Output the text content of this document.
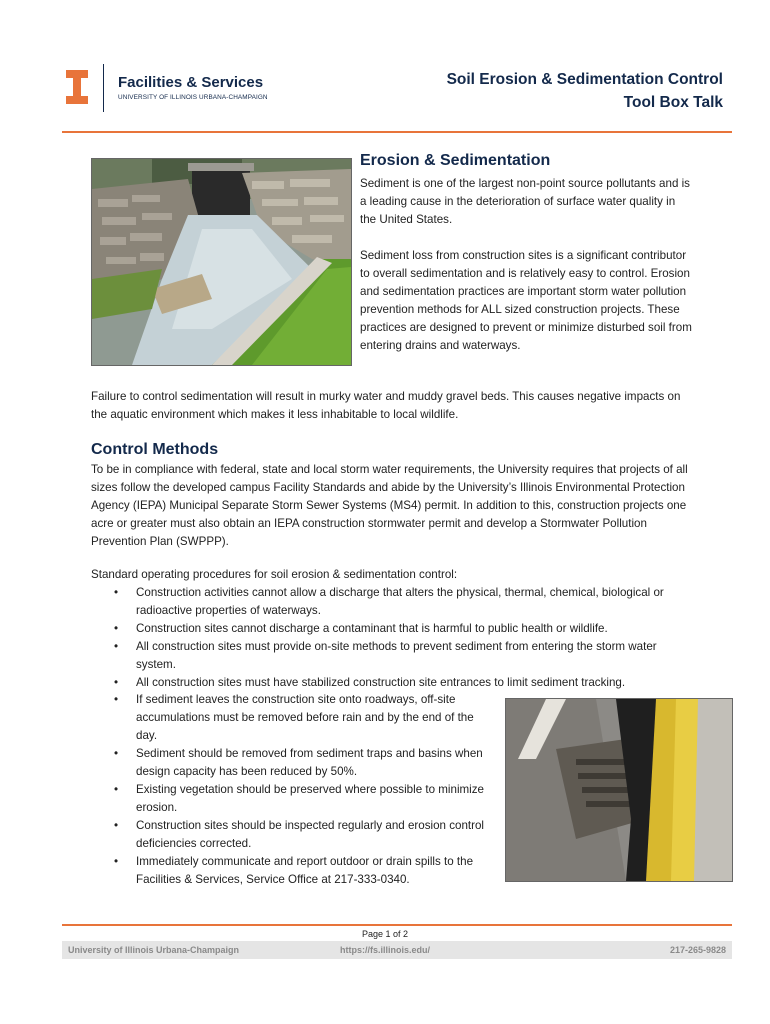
Facilities & Services
UNIVERSITY OF ILLINOIS URBANA-CHAMPAIGN
Soil Erosion & Sedimentation Control
Tool Box Talk
Erosion & Sedimentation
Sediment is one of the largest non-point source pollutants and is a leading cause in the deterioration of surface water quality in the United States.
Sediment loss from construction sites is a significant contributor to overall sedimentation and is relatively easy to control. Erosion and sedimentation practices are important storm water pollution prevention methods for ALL sized construction projects. These practices are designed to prevent or minimize disturbed soil from entering drains and waterways.
Failure to control sedimentation will result in murky water and muddy gravel beds. This causes negative impacts on the aquatic environment which makes it less inhabitable to local wildlife.
Control Methods
To be in compliance with federal, state and local storm water requirements, the University requires that projects of all sizes follow the developed campus Facility Standards and abide by the University’s Illinois Environmental Protection Agency (IEPA) Municipal Separate Storm Sewer Systems (MS4) permit. In addition to this, construction projects one acre or greater must also obtain an IEPA construction stormwater permit and develop a Stormwater Pollution Prevention Plan (SWPPP).
Standard operating procedures for soil erosion & sedimentation control:
• Construction activities cannot allow a discharge that alters the physical, thermal, chemical, biological or radioactive properties of waterways.
• Construction sites cannot discharge a contaminant that is harmful to public health or wildlife.
• All construction sites must provide on-site methods to prevent sediment from entering the storm water system.
• All construction sites must have stabilized construction site entrances to limit sediment tracking.
• If sediment leaves the construction site onto roadways, off-site accumulations must be removed before rain and by the end of the day.
• Sediment should be removed from sediment traps and basins when design capacity has been reduced by 50%.
• Existing vegetation should be preserved where possible to minimize erosion.
• Construction sites should be inspected regularly and erosion control deficiencies corrected.
• Immediately communicate and report outdoor or drain spills to the Facilities & Services, Service Office at 217-333-0340.
Page 1 of 2
University of Illinois Urbana-Champaign	https://fs.illinois.edu/	217-265-9828
